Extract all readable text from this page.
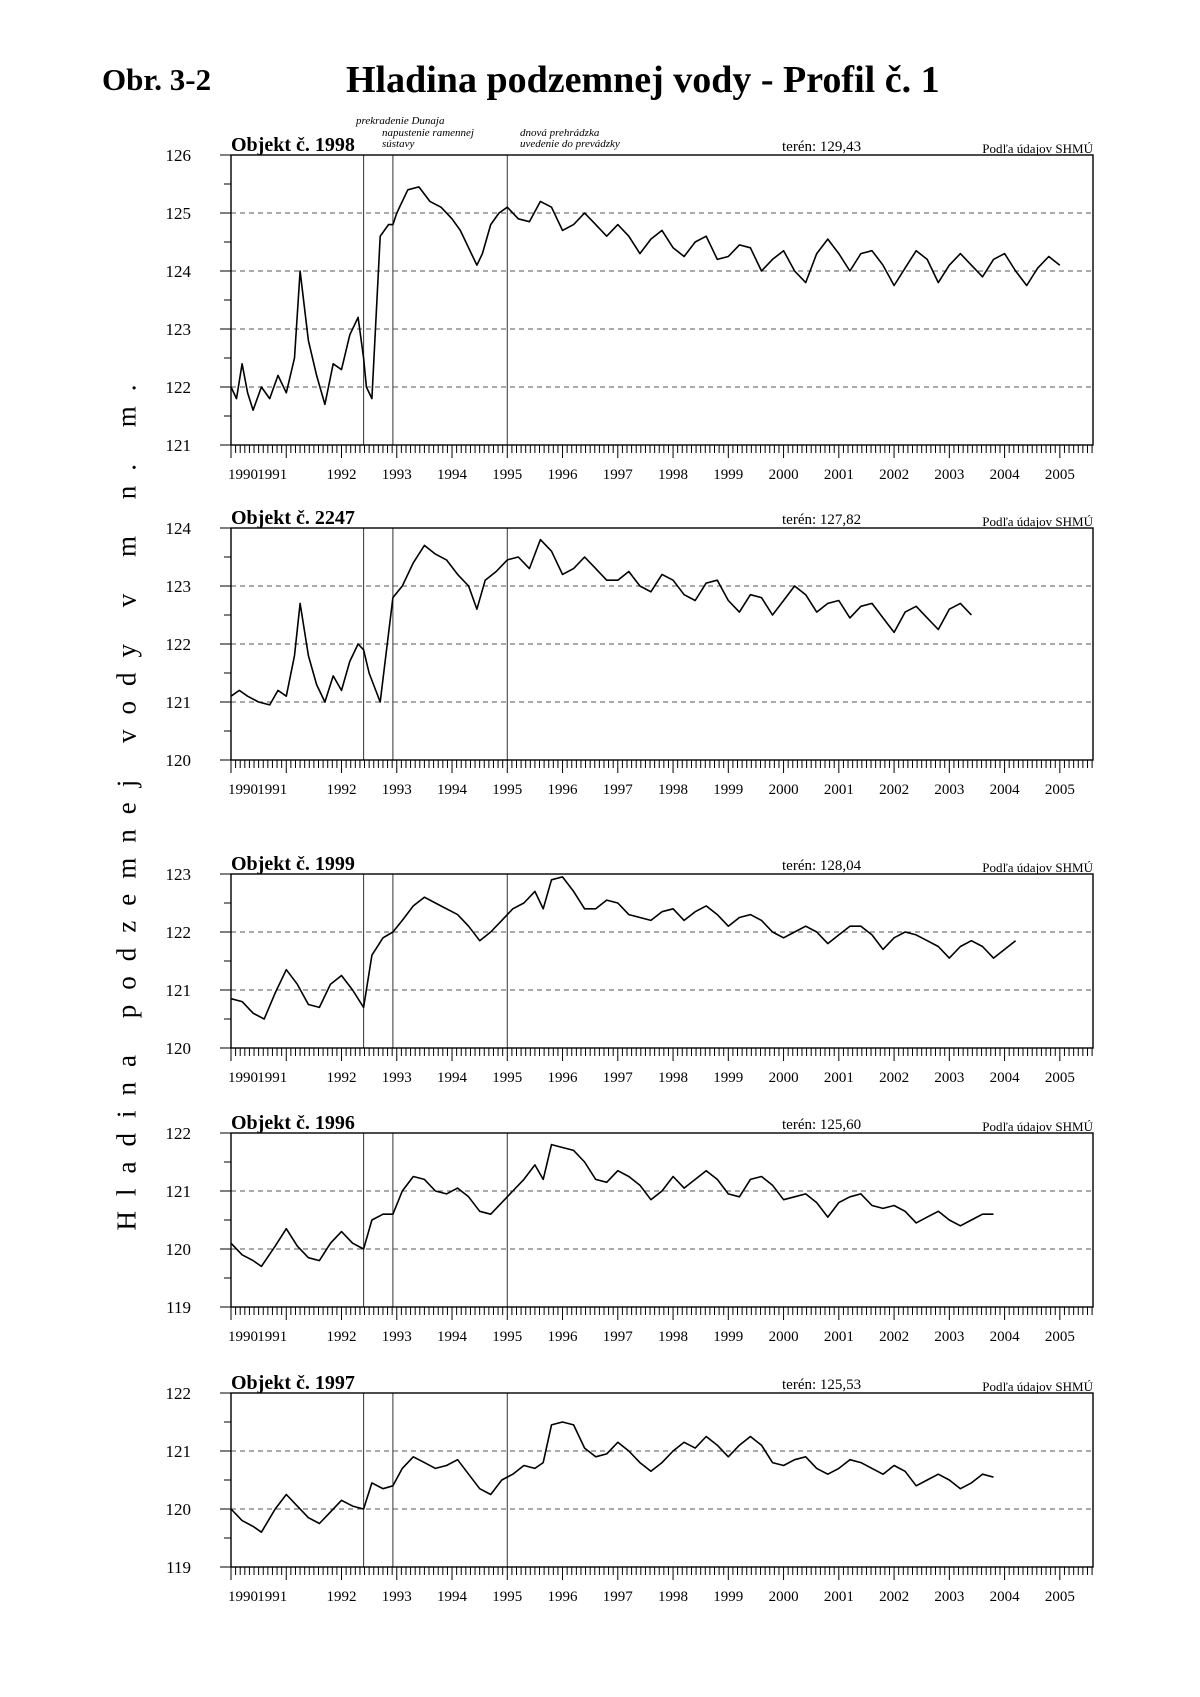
Obr. 3-2	Hladina podzemnej vody - Profil č. 1
Hladina podzemnej vody v m n. m.
prekradenie Dunaja
napustenie ramennej
sústavy
dnová prehrádzka
uvedenie do prevádzky
121
122
123
124
125
126
1990 1991	1992 1993 1994 1995 1996 1997 1998 1999 2000 2001 2002 2003 2004 2005
Objekt č. 1998	terén: 129,43	Podľa údajov SHMÚ
120
121
122
123
124
1990 1991	1992 1993 1994 1995 1996 1997 1998 1999 2000 2001 2002 2003 2004 2005
Objekt č. 2247	terén: 127,82	Podľa údajov SHMÚ
120
121
122
123
1990 1991	1992 1993 1994 1995 1996 1997 1998 1999 2000 2001 2002 2003 2004 2005
Objekt č. 1999	terén: 128,04	Podľa údajov SHMÚ
119
120
121
122
1990 1991	1992 1993 1994 1995 1996 1997 1998 1999 2000 2001 2002 2003 2004 2005
Objekt č. 1996	terén: 125,60	Podľa údajov SHMÚ
119
120
121
122
1990 1991	1992 1993 1994 1995 1996 1997 1998 1999 2000 2001 2002 2003 2004 2005
Objekt č. 1997	terén: 125,53	Podľa údajov SHMÚ
